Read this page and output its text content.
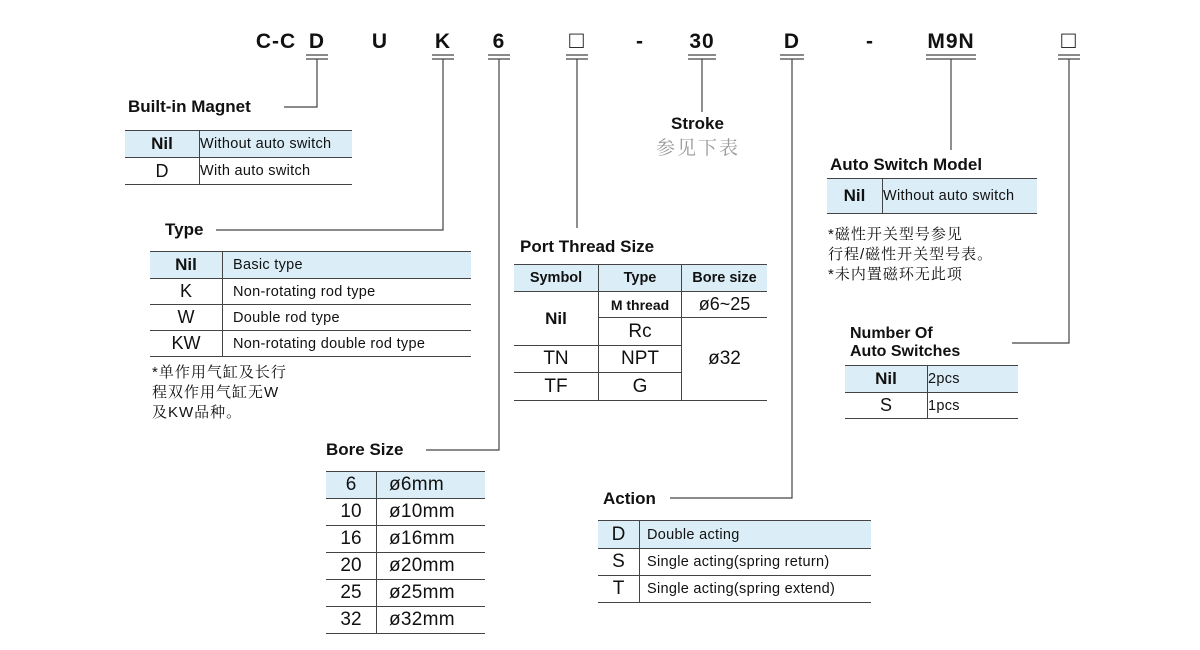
C-C D U K 6	□ - 30	D	-	M9N	□
Built-in Magnet
Nil	Without auto switch
D	With auto switch
Type
Nil	Basic type
K	Non-rotating rod type
W	Double rod type
KW	Non-rotating double rod type
*单作用气缸及长行
程双作用气缸无W
及KW品种。
Bore Size
6	ø6mm
10	ø10mm
16	ø16mm
20	ø20mm
25	ø25mm
32	ø32mm
Port Thread Size
Symbol	Type	Bore size
Nil	M thread	ø6~25
	Rc	ø32
TN	NPT	
TF	G	
Stroke
参见下表
Action
D	Double acting
S	Single acting(spring return)
T	Single acting(spring extend)
Auto Switch Model
Nil	Without auto switch
*磁性开关型号参见
行程/磁性开关型号表。
*未内置磁环无此项
Number Of
Auto Switches
Nil	2pcs
S	1pcs
